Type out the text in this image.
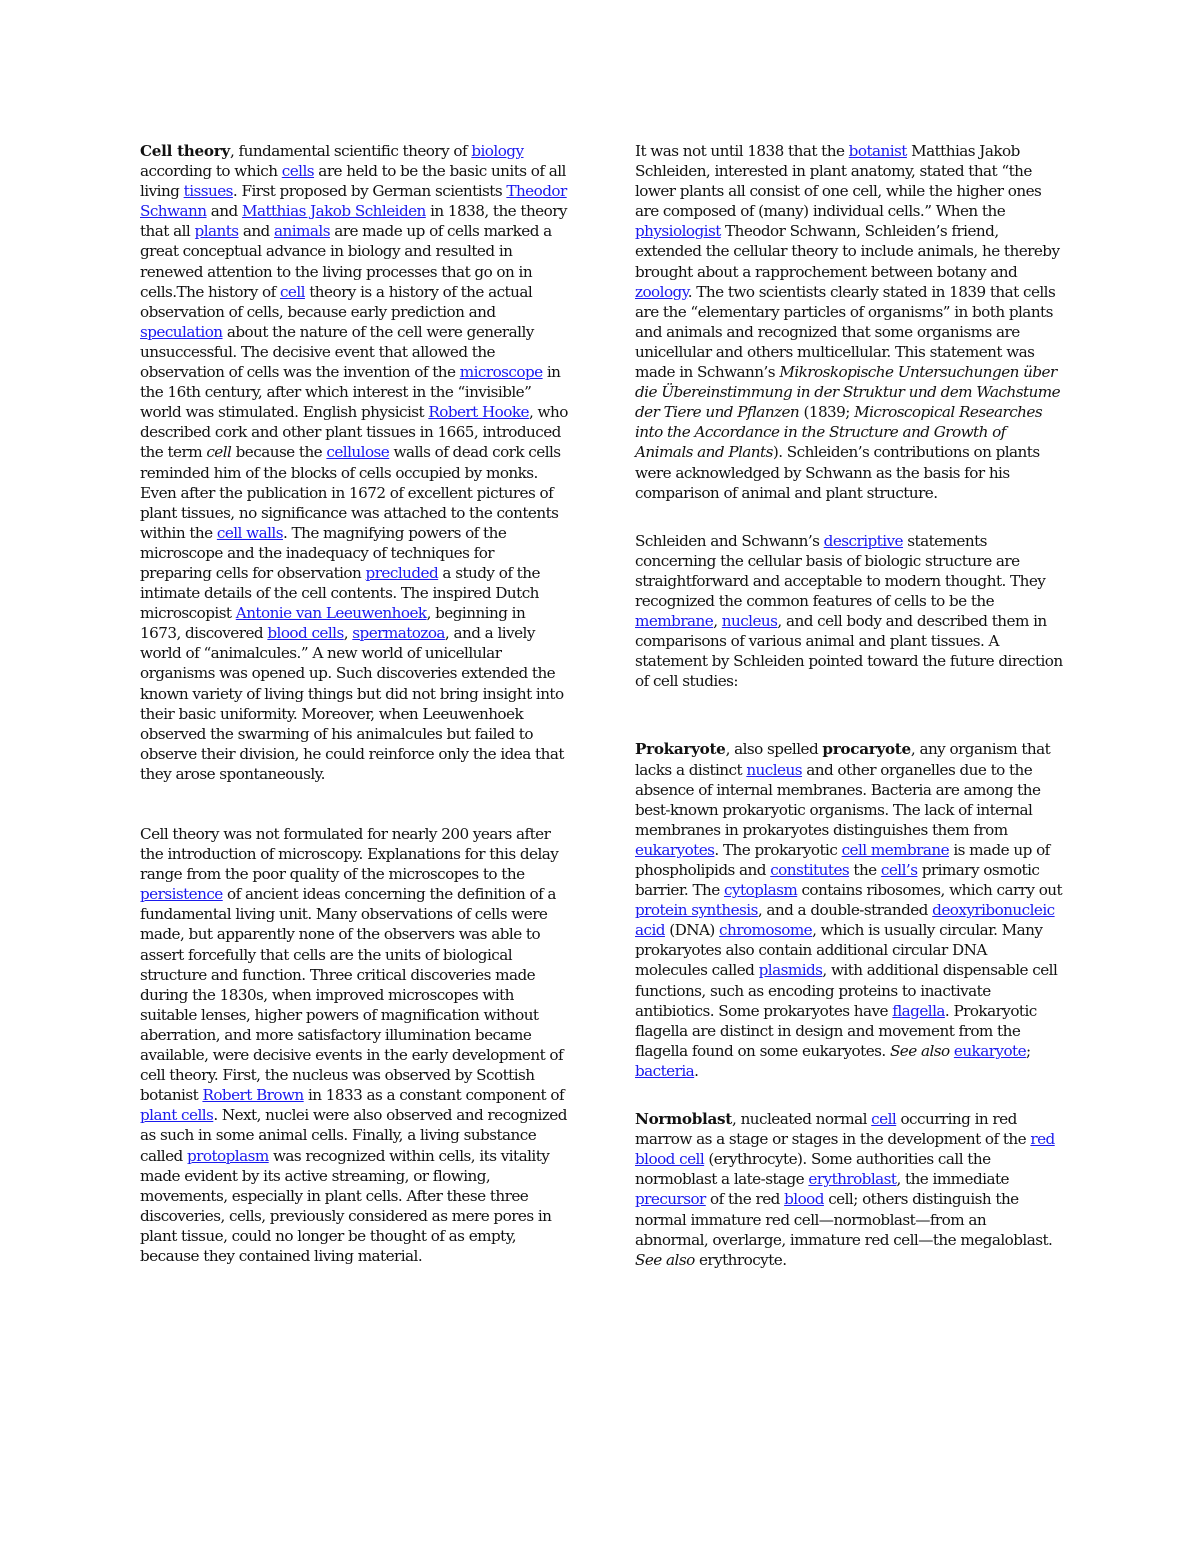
Cell theory, fundamental scientific theory of biology according to which cells are held to be the basic units of all living tissues. First proposed by German scientists Theodor Schwann and Matthias Jakob Schleiden in 1838, the theory that all plants and animals are made up of cells marked a great conceptual advance in biology and resulted in renewed attention to the living processes that go on in cells.The history of cell theory is a history of the actual observation of cells, because early prediction and speculation about the nature of the cell were generally unsuccessful. The decisive event that allowed the observation of cells was the invention of the microscope in the 16th century, after which interest in the “invisible” world was stimulated. English physicist Robert Hooke, who described cork and other plant tissues in 1665, introduced the term cell because the cellulose walls of dead cork cells reminded him of the blocks of cells occupied by monks. Even after the publication in 1672 of excellent pictures of plant tissues, no significance was attached to the contents within the cell walls. The magnifying powers of the microscope and the inadequacy of techniques for preparing cells for observation precluded a study of the intimate details of the cell contents. The inspired Dutch microscopist Antonie van Leeuwenhoek, beginning in 1673, discovered blood cells, spermatozoa, and a lively world of “animalcules.” A new world of unicellular organisms was opened up. Such discoveries extended the known variety of living things but did not bring insight into their basic uniformity. Moreover, when Leeuwenhoek observed the swarming of his animalcules but failed to observe their division, he could reinforce only the idea that they arose spontaneously.

Cell theory was not formulated for nearly 200 years after the introduction of microscopy. Explanations for this delay range from the poor quality of the microscopes to the persistence of ancient ideas concerning the definition of a fundamental living unit. Many observations of cells were made, but apparently none of the observers was able to assert forcefully that cells are the units of biological structure and function. Three critical discoveries made during the 1830s, when improved microscopes with suitable lenses, higher powers of magnification without aberration, and more satisfactory illumination became available, were decisive events in the early development of cell theory. First, the nucleus was observed by Scottish botanist Robert Brown in 1833 as a constant component of plant cells. Next, nuclei were also observed and recognized as such in some animal cells. Finally, a living substance called protoplasm was recognized within cells, its vitality made evident by its active streaming, or flowing, movements, especially in plant cells. After these three discoveries, cells, previously considered as mere pores in plant tissue, could no longer be thought of as empty, because they contained living material.

It was not until 1838 that the botanist Matthias Jakob Schleiden, interested in plant anatomy, stated that “the lower plants all consist of one cell, while the higher ones are composed of (many) individual cells.” When the physiologist Theodor Schwann, Schleiden’s friend, extended the cellular theory to include animals, he thereby brought about a rapprochement between botany and zoology. The two scientists clearly stated in 1839 that cells are the “elementary particles of organisms” in both plants and animals and recognized that some organisms are unicellular and others multicellular. This statement was made in Schwann’s Mikroskopische Untersuchungen über die Übereinstimmung in der Struktur und dem Wachstume der Tiere und Pflanzen (1839; Microscopical Researches into the Accordance in the Structure and Growth of Animals and Plants). Schleiden’s contributions on plants were acknowledged by Schwann as the basis for his comparison of animal and plant structure.

Schleiden and Schwann’s descriptive statements concerning the cellular basis of biologic structure are straightforward and acceptable to modern thought. They recognized the common features of cells to be the membrane, nucleus, and cell body and described them in comparisons of various animal and plant tissues. A statement by Schleiden pointed toward the future direction of cell studies:

Prokaryote, also spelled procaryote, any organism that lacks a distinct nucleus and other organelles due to the absence of internal membranes. Bacteria are among the best-known prokaryotic organisms. The lack of internal membranes in prokaryotes distinguishes them from eukaryotes. The prokaryotic cell membrane is made up of phospholipids and constitutes the cell’s primary osmotic barrier. The cytoplasm contains ribosomes, which carry out protein synthesis, and a double-stranded deoxyribonucleic acid (DNA) chromosome, which is usually circular. Many prokaryotes also contain additional circular DNA molecules called plasmids, with additional dispensable cell functions, such as encoding proteins to inactivate antibiotics. Some prokaryotes have flagella. Prokaryotic flagella are distinct in design and movement from the flagella found on some eukaryotes. See also eukaryote; bacteria.

Normoblast, nucleated normal cell occurring in red marrow as a stage or stages in the development of the red blood cell (erythrocyte). Some authorities call the normoblast a late-stage erythroblast, the immediate precursor of the red blood cell; others distinguish the normal immature red cell—normoblast—from an abnormal, overlarge, immature red cell—the megaloblast. See also erythrocyte.
